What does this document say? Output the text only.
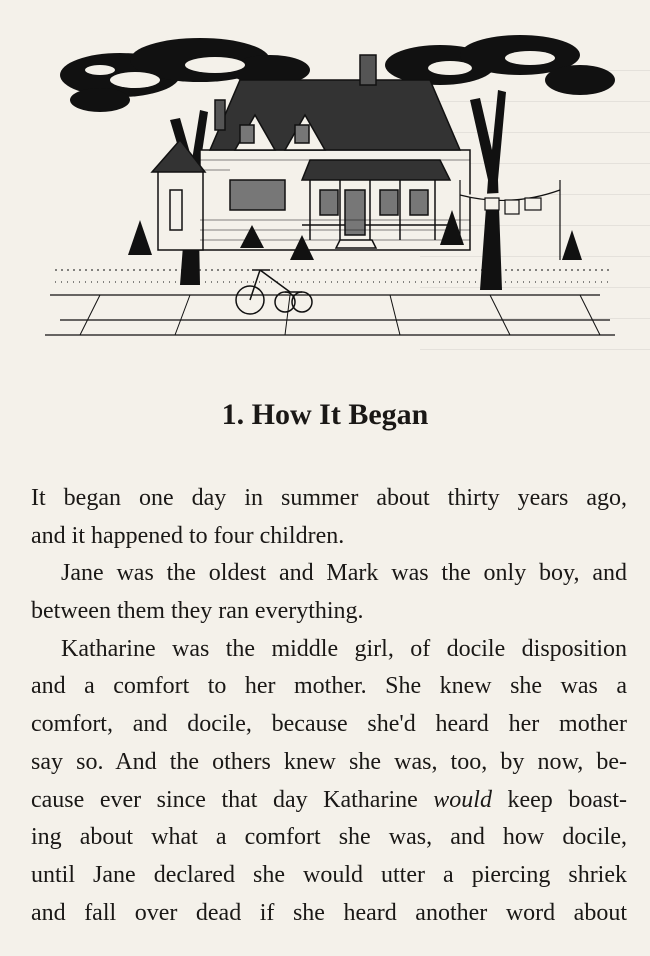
1. How It Began
It began one day in summer about thirty years ago,
and it happened to four children.
Jane was the oldest and Mark was the only boy, and
between them they ran everything.
Katharine was the middle girl, of docile disposition
and a comfort to her mother. She knew she was a
comfort, and docile, because she'd heard her mother
say so. And the others knew she was, too, by now, be-
cause ever since that day Katharine would keep boast-
ing about what a comfort she was, and how docile,
until Jane declared she would utter a piercing shriek
and fall over dead if she heard another word about
